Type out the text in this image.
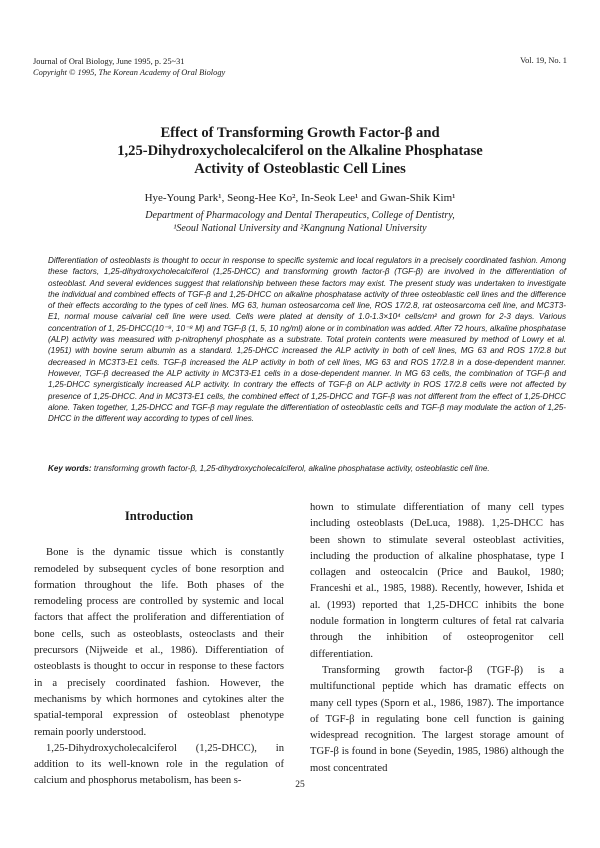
Journal of Oral Biology, June 1995, p. 25~31
Copyright © 1995, The Korean Academy of Oral Biology
Vol. 19, No. 1
Effect of Transforming Growth Factor-β and
1,25-Dihydroxycholecalciferol on the Alkaline Phosphatase
Activity of Osteoblastic Cell Lines
Hye-Young Park¹, Seong-Hee Ko², In-Seok Lee¹ and Gwan-Shik Kim¹
Department of Pharmacology and Dental Therapeutics, College of Dentistry,
¹Seoul National University and ²Kangnung National University

Differentiation of osteoblasts is thought to occur in response to specific systemic and local regulators in a precisely coordinated fashion. Among these factors, 1,25-dihydroxycholecalciferol (1,25-DHCC) and transforming growth factor-β (TGF-β) are involved in the differentiation of osteoblast. And several evidences suggest that relationship between these factors may exist. The present study was undertaken to investigate the individual and combined effects of TGF-β and 1,25-DHCC on alkaline phosphatase activity of three osteoblastic cell lines and the difference of their effects according to the types of cell lines. MG 63, human osteosarcoma cell line, ROS 17/2.8, rat osteosarcoma cell line, and MC3T3-E1, normal mouse calvarial cell line were used. Cells were plated at density of 1.0-1.3×10⁴ cells/cm² and grown for 2-3 days. Various concentration of 1, 25-DHCC(10⁻⁹, 10⁻⁸ M) and TGF-β (1, 5, 10 ng/ml) alone or in combination was added. After 72 hours, alkaline phosphatase (ALP) activity was measured with p-nitrophenyl phosphate as a substrate. Total protein contents were measured by method of Lowry et al. (1951) with bovine serum albumin as a standard. 1,25-DHCC increased the ALP activity in both of cell lines, MG 63 and ROS 17/2.8 but decreased in MC3T3-E1 cells. TGF-β increased the ALP activity in both of cell lines, MG 63 and ROS 17/2.8 in a dose-dependent manner. However, TGF-β decreased the ALP activity in MC3T3-E1 cells in a dose-dependent manner. In MG 63 cells, the combination of TGF-β and 1,25-DHCC synergistically increased ALP activity. In contrary the effects of TGF-β on ALP activity in ROS 17/2.8 cells were not affected by presence of 1,25-DHCC. And in MC3T3-E1 cells, the combined effect of 1,25-DHCC and TGF-β was not different from the effect of 1,25-DHCC alone. Taken together, 1,25-DHCC and TGF-β may regulate the differentiation of osteoblastic cells and TGF-β may modulate the action of 1,25-DHCC in the different way according to types of cell lines.

Key words: transforming growth factor-β, 1,25-dihydroxycholecalciferol, alkaline phosphatase activity, osteoblastic cell line.
Introduction

Bone is the dynamic tissue which is constantly remodeled by subsequent cycles of bone resorption and formation throughout the life. Both phases of the remodeling process are controlled by systemic and local factors that affect the proliferation and differentiation of bone cells, such as osteoblasts, osteoclasts and their precursors (Nijweide et al., 1986). Differentiation of osteoblasts is thought to occur in response to these factors in a precisely coordinated fashion. However, the mechanisms by which hormones and cytokines alter the spatial-temporal expression of osteoblast phenotype remain poorly understood.

1,25-Dihydroxycholecalciferol (1,25-DHCC), in addition to its well-known role in the regulation of calcium and phosphorus metabolism, has been s-

hown to stimulate differentiation of many cell types including osteoblasts (DeLuca, 1988). 1,25-DHCC has been shown to stimulate several osteoblast activities, including the production of alkaline phosphatase, type I collagen and osteocalcin (Price and Baukol, 1980; Franceshi et al., 1985, 1988). Recently, however, Ishida et al. (1993) reported that 1,25-DHCC inhibits the bone nodule formation in longterm cultures of fetal rat calvaria through the inhibition of osteoprogenitor cell differentiation.

Transforming growth factor-β (TGF-β) is a multifunctional peptide which has dramatic effects on many cell types (Sporn et al., 1986, 1987). The importance of TGF-β in regulating bone cell function is gaining widespread recognition. The largest storage amount of TGF-β is found in bone (Seyedin, 1985, 1986) although the most concentrated

25
